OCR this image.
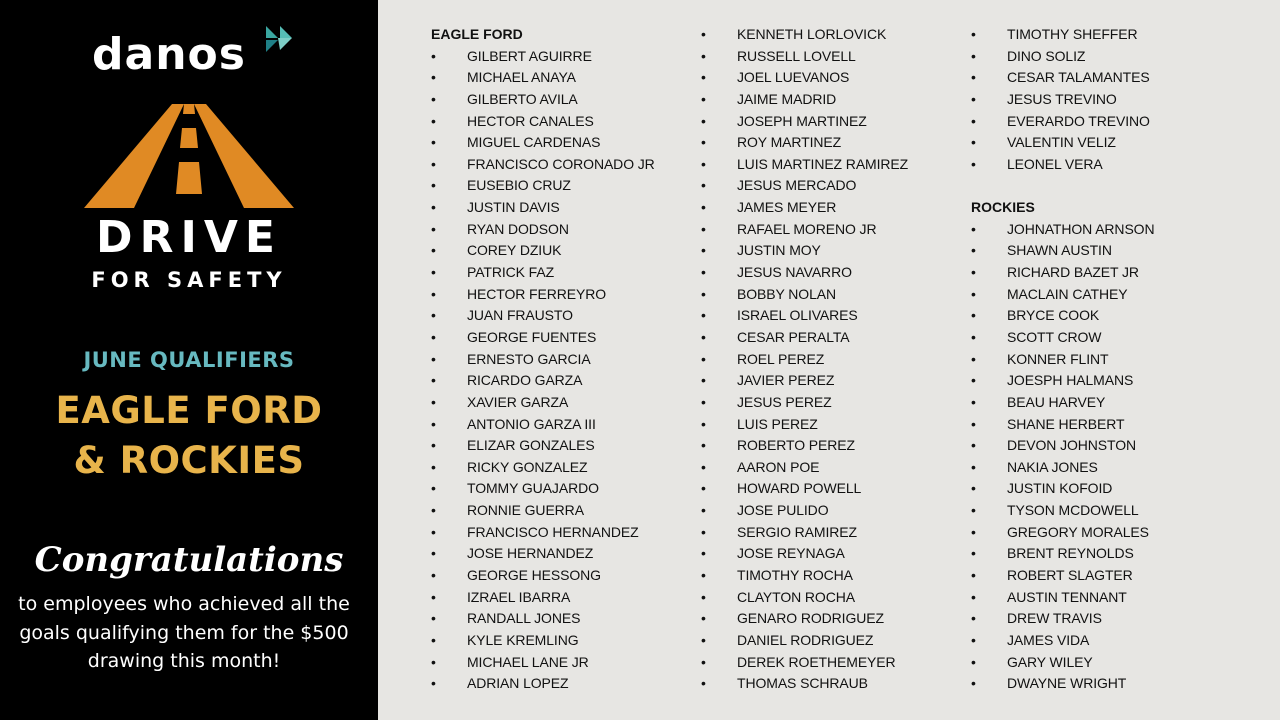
danos
DRIVE
FOR SAFETY
JUNE QUALIFIERS
EAGLE FORD
& ROCKIES
Congratulations
to employees who achieved all the goals qualifying them for the $500 drawing this month!
EAGLE FORD
• GILBERT AGUIRRE
• MICHAEL ANAYA
• GILBERTO AVILA
• HECTOR CANALES
• MIGUEL CARDENAS
• FRANCISCO CORONADO JR
• EUSEBIO CRUZ
• JUSTIN DAVIS
• RYAN DODSON
• COREY DZIUK
• PATRICK FAZ
• HECTOR FERREYRO
• JUAN FRAUSTO
• GEORGE FUENTES
• ERNESTO GARCIA
• RICARDO GARZA
• XAVIER GARZA
• ANTONIO GARZA III
• ELIZAR GONZALES
• RICKY GONZALEZ
• TOMMY GUAJARDO
• RONNIE GUERRA
• FRANCISCO HERNANDEZ
• JOSE HERNANDEZ
• GEORGE HESSONG
• IZRAEL IBARRA
• RANDALL JONES
• KYLE KREMLING
• MICHAEL LANE JR
• ADRIAN LOPEZ
• KENNETH LORLOVICK
• RUSSELL LOVELL
• JOEL LUEVANOS
• JAIME MADRID
• JOSEPH MARTINEZ
• ROY MARTINEZ
• LUIS MARTINEZ RAMIREZ
• JESUS MERCADO
• JAMES MEYER
• RAFAEL MORENO JR
• JUSTIN MOY
• JESUS NAVARRO
• BOBBY NOLAN
• ISRAEL OLIVARES
• CESAR PERALTA
• ROEL PEREZ
• JAVIER PEREZ
• JESUS PEREZ
• LUIS PEREZ
• ROBERTO PEREZ
• AARON POE
• HOWARD POWELL
• JOSE PULIDO
• SERGIO RAMIREZ
• JOSE REYNAGA
• TIMOTHY ROCHA
• CLAYTON ROCHA
• GENARO RODRIGUEZ
• DANIEL RODRIGUEZ
• DEREK ROETHEMEYER
• THOMAS SCHRAUB
• TIMOTHY SHEFFER
• DINO SOLIZ
• CESAR TALAMANTES
• JESUS TREVINO
• EVERARDO TREVINO
• VALENTIN VELIZ
• LEONEL VERA
ROCKIES
• JOHNATHON ARNSON
• SHAWN AUSTIN
• RICHARD BAZET JR
• MACLAIN CATHEY
• BRYCE COOK
• SCOTT CROW
• KONNER FLINT
• JOESPH HALMANS
• BEAU HARVEY
• SHANE HERBERT
• DEVON JOHNSTON
• NAKIA JONES
• JUSTIN KOFOID
• TYSON MCDOWELL
• GREGORY MORALES
• BRENT REYNOLDS
• ROBERT SLAGTER
• AUSTIN TENNANT
• DREW TRAVIS
• JAMES VIDA
• GARY WILEY
• DWAYNE WRIGHT
